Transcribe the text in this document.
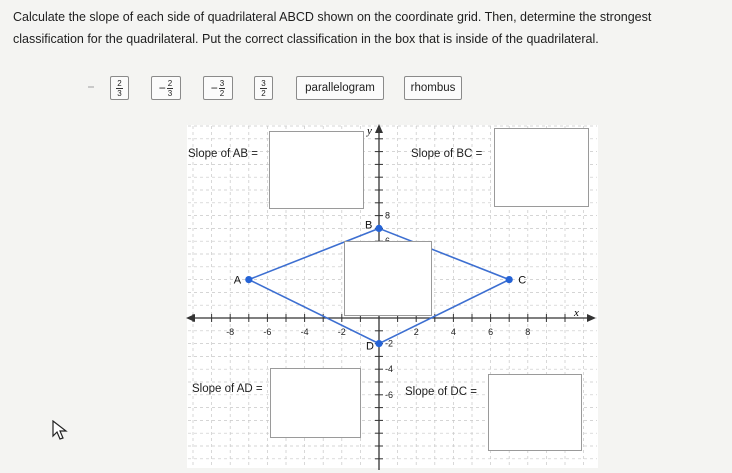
Calculate the slope of each side of quadrilateral ABCD shown on the coordinate grid. Then, determine the strongest classification for the quadrilateral. Put the correct classification in the box that is inside of the quadrilateral.
$\frac{2}{3}$	− $\frac{2}{3}$	− $\frac{3}{2}$	$\frac{3}{2}$	parallelogram	rhombus
-8	-6	-4	-2	2	4	6	8
8
-2
-4
-6
x
y
A
B
C
D
Slope of AB =	Slope of BC =
Slope of AD =	Slope of DC =
